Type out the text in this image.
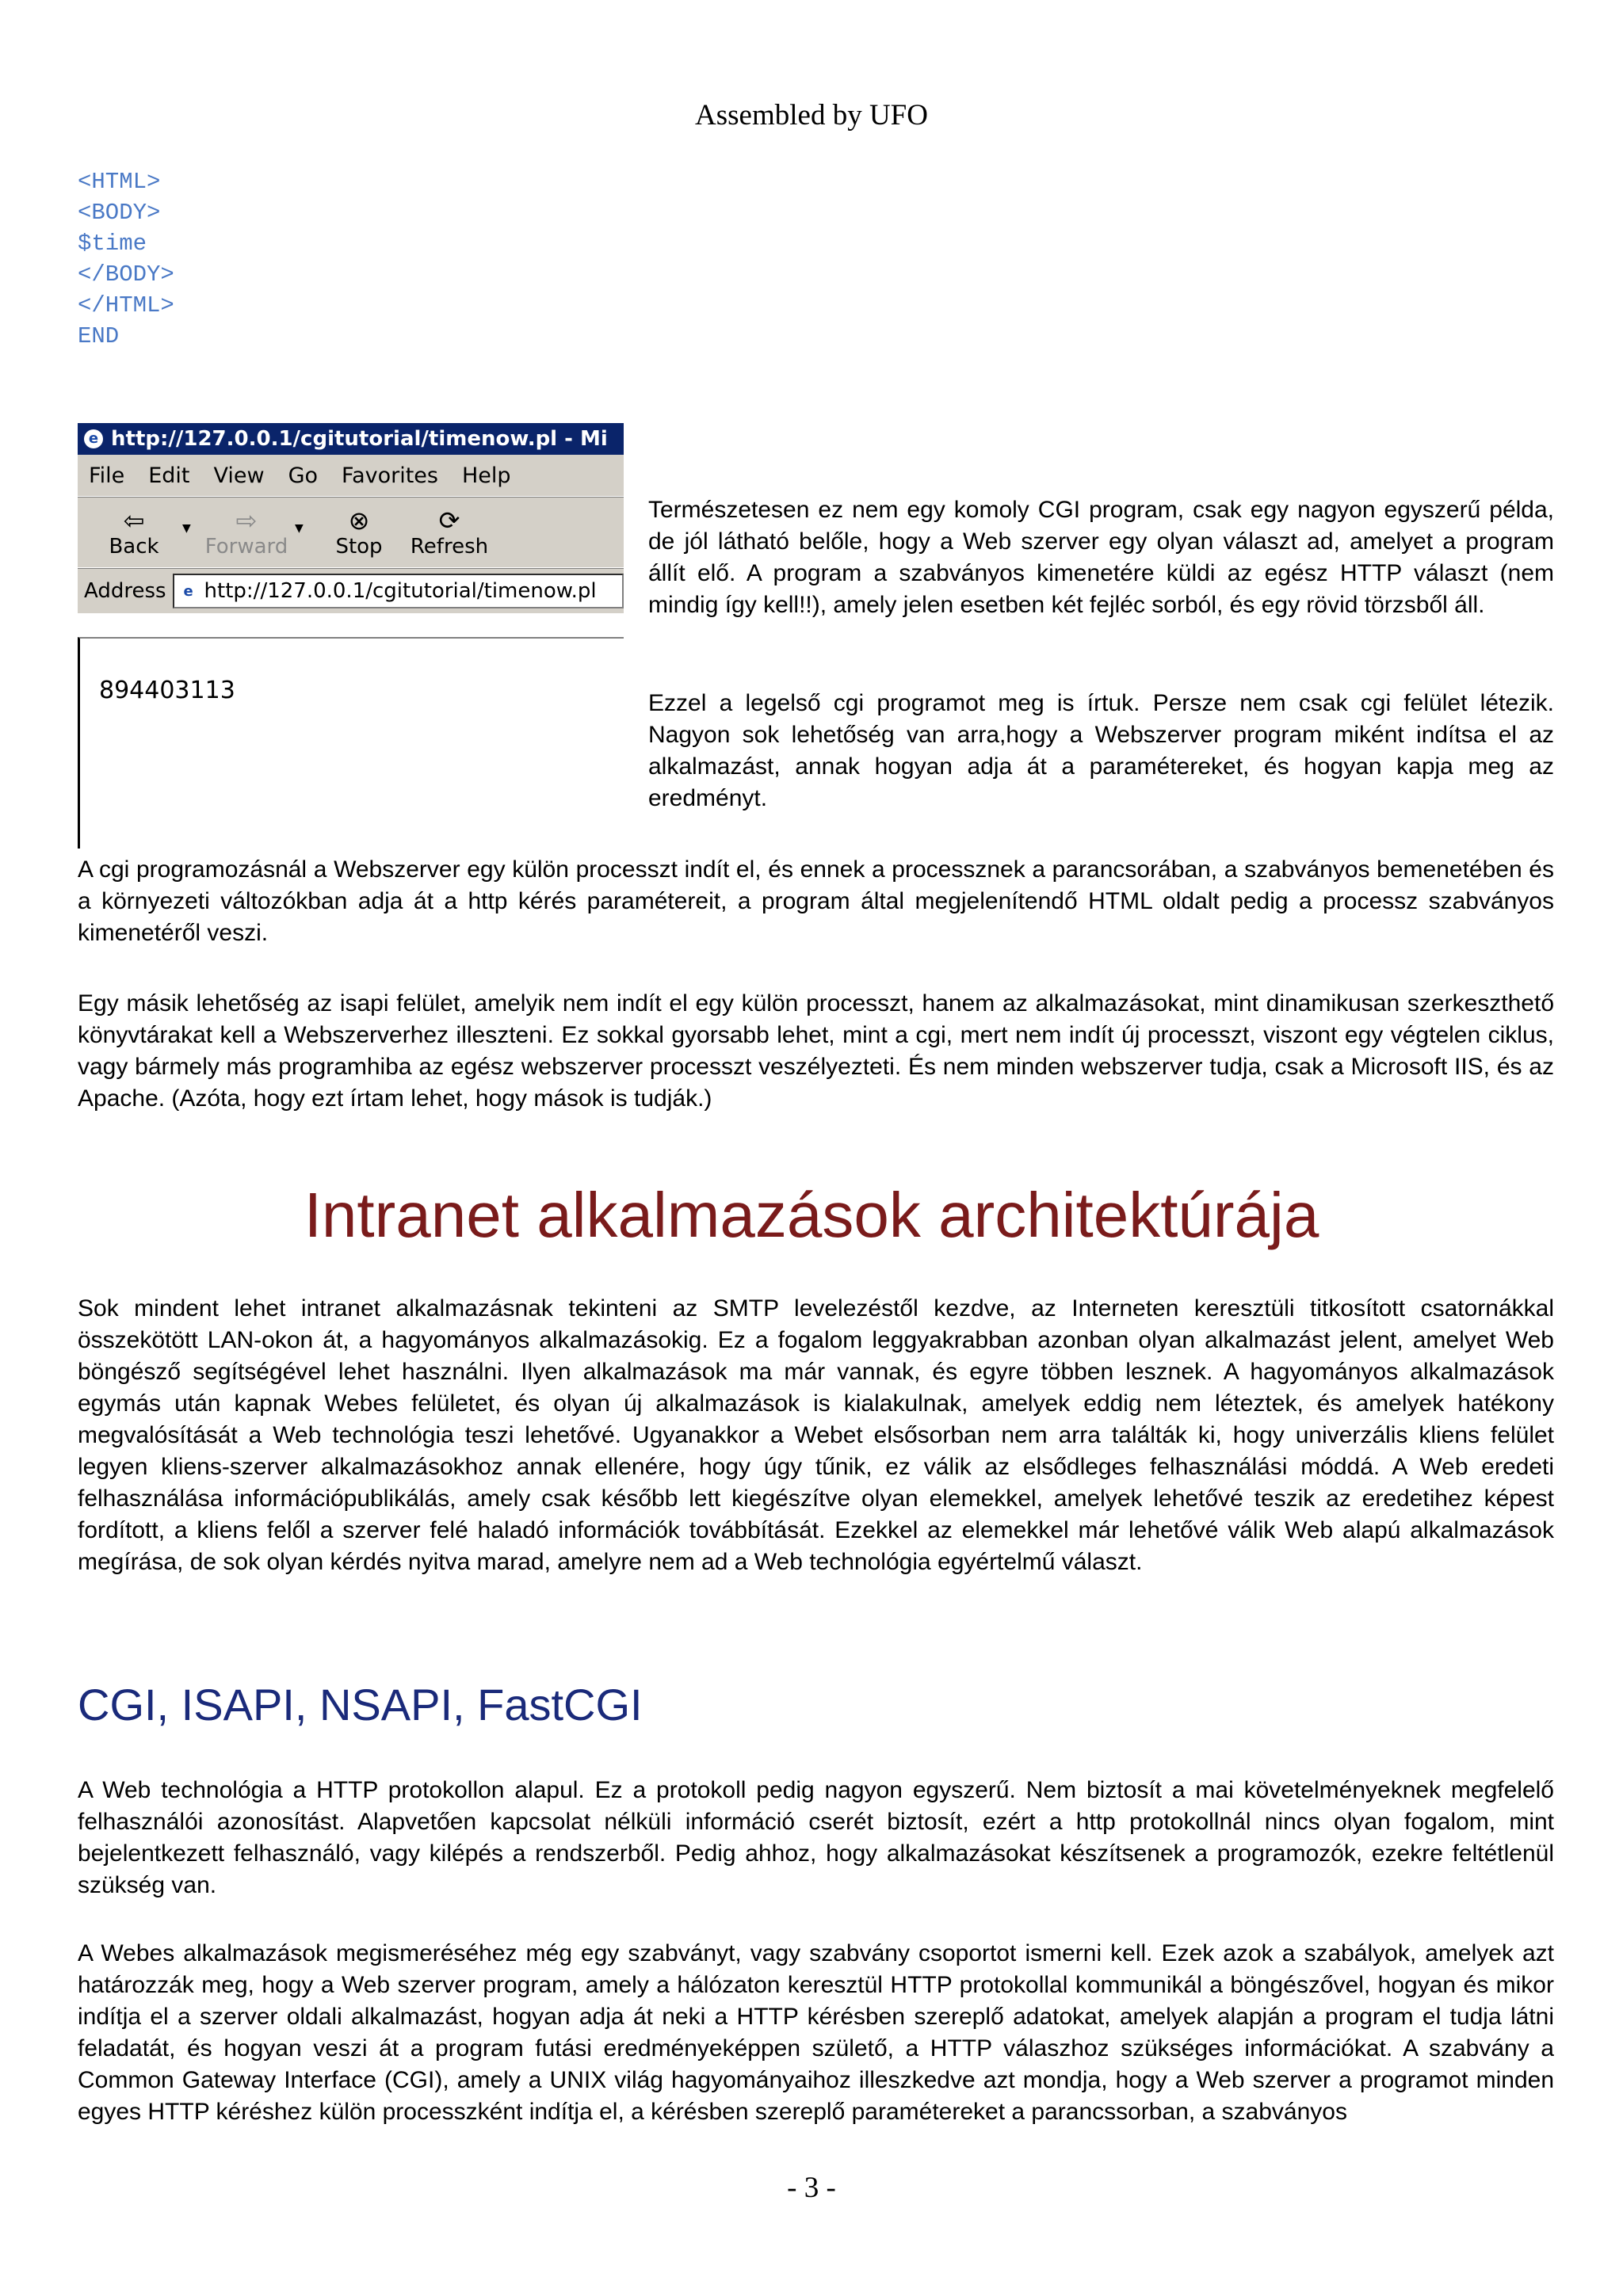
Assembled by UFO
<HTML>
<BODY>
$time
</BODY>
</HTML>
END
e http://127.0.0.1/cgitutorial/timenow.pl - Mi
File Edit View Go Favorites Help
⇦
Back
▼	⇨
Forward
▼	⊗
Stop
⟳
Refresh
Address	e http://127.0.0.1/cgitutorial/timenow.pl
894403113

Természetesen ez nem egy komoly CGI program, csak egy nagyon egyszerű példa, de jól látható belőle, hogy a Web szerver egy olyan választ ad, amelyet a program állít elő. A program a szabványos kimenetére küldi az egész HTTP választ (nem mindig így kell!!), amely jelen esetben két fejléc sorból, és egy rövid törzsből áll.

Ezzel a legelső cgi programot meg is írtuk. Persze nem csak cgi felület létezik. Nagyon sok lehetőség van arra,hogy a Webszerver program miként indítsa el az alkalmazást, annak hogyan adja át a paramétereket, és hogyan kapja meg az eredményt.

A cgi programozásnál a Webszerver egy külön processzt indít el, és ennek a processznek a parancsorában, a szabványos bemenetében és a környezeti változókban adja át a http kérés paramétereit, a program által megjelenítendő HTML oldalt pedig a processz szabványos kimenetéről veszi.

Egy másik lehetőség az isapi felület, amelyik nem indít el egy külön processzt, hanem az alkalmazásokat, mint dinamikusan szerkeszthető könyvtárakat kell a Webszerverhez illeszteni. Ez sokkal gyorsabb lehet, mint a cgi, mert nem indít új processzt, viszont egy végtelen ciklus, vagy bármely más programhiba az egész webszerver processzt veszélyezteti. És nem minden webszerver tudja, csak a Microsoft IIS, és az Apache. (Azóta, hogy ezt írtam lehet, hogy mások is tudják.)

Intranet alkalmazások architektúrája

Sok mindent lehet intranet alkalmazásnak tekinteni az SMTP levelezéstől kezdve, az Interneten keresztüli titkosított csatornákkal összekötött LAN-okon át, a hagyományos alkalmazásokig. Ez a fogalom leggyakrabban azonban olyan alkalmazást jelent, amelyet Web böngésző segítségével lehet használni. Ilyen alkalmazások ma már vannak, és egyre többen lesznek. A hagyományos alkalmazások egymás után kapnak Webes felületet, és olyan új alkalmazások is kialakulnak, amelyek eddig nem léteztek, és amelyek hatékony megvalósítását a Web technológia teszi lehetővé. Ugyanakkor a Webet elsősorban nem arra találták ki, hogy univerzális kliens felület legyen kliens-szerver alkalmazásokhoz annak ellenére, hogy úgy tűnik, ez válik az elsődleges felhasználási móddá. A Web eredeti felhasználása információpublikálás, amely csak később lett kiegészítve olyan elemekkel, amelyek lehetővé teszik az eredetihez képest fordított, a kliens felől a szerver felé haladó információk továbbítását. Ezekkel az elemekkel már lehetővé válik Web alapú alkalmazások megírása, de sok olyan kérdés nyitva marad, amelyre nem ad a Web technológia egyértelmű választ.

CGI, ISAPI, NSAPI, FastCGI

A Web technológia a HTTP protokollon alapul. Ez a protokoll pedig nagyon egyszerű. Nem biztosít a mai követelményeknek megfelelő felhasználói azonosítást. Alapvetően kapcsolat nélküli információ cserét biztosít, ezért a http protokollnál nincs olyan fogalom, mint bejelentkezett felhasználó, vagy kilépés a rendszerből. Pedig ahhoz, hogy alkalmazásokat készítsenek a programozók, ezekre feltétlenül szükség van.

A Webes alkalmazások megismeréséhez még egy szabványt, vagy szabvány csoportot ismerni kell. Ezek azok a szabályok, amelyek azt határozzák meg, hogy a Web szerver program, amely a hálózaton keresztül HTTP protokollal kommunikál a böngészővel, hogyan és mikor indítja el a szerver oldali alkalmazást, hogyan adja át neki a HTTP kérésben szereplő adatokat, amelyek alapján a program el tudja látni feladatát, és hogyan veszi át a program futási eredményeképpen születő, a HTTP válaszhoz szükséges információkat. A szabvány a Common Gateway Interface (CGI), amely a UNIX világ hagyományaihoz illeszkedve azt mondja, hogy a Web szerver a programot minden egyes HTTP kéréshez külön processzként indítja el, a kérésben szereplő paramétereket a parancssorban, a szabványos

- 3 -
